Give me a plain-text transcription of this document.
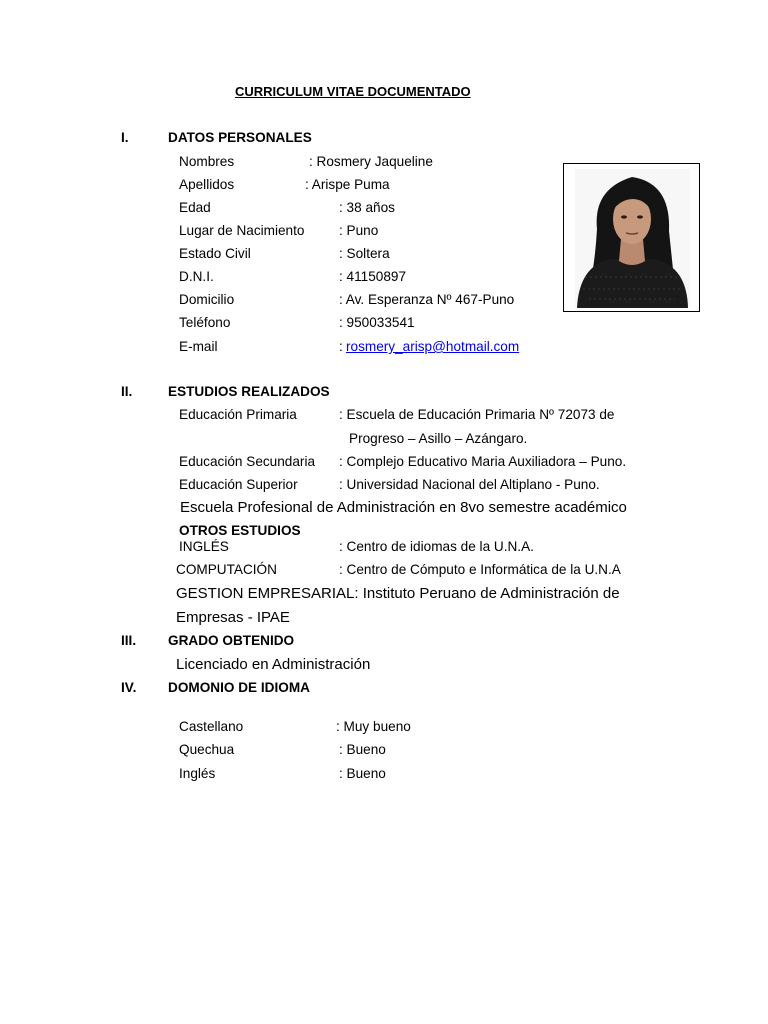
CURRICULUM VITAE DOCUMENTADO
I.	DATOS PERSONALES
Nombres	: Rosmery Jaqueline
Apellidos	: Arispe Puma
Edad	: 38 años
Lugar de Nacimiento	: Puno
Estado Civil	: Soltera
D.N.I.	: 41150897
Domicilio	: Av. Esperanza Nº 467-Puno
Teléfono	: 950033541
E-mail	: rosmery_arisp@hotmail.com
II.	ESTUDIOS REALIZADOS
Educación Primaria	: Escuela de Educación Primaria Nº 72073 de
Progreso – Asillo – Azángaro.
Educación Secundaria : Complejo Educativo Maria Auxiliadora – Puno.
Educación Superior	: Universidad Nacional del Altiplano - Puno.
Escuela Profesional de Administración en 8vo semestre académico
OTROS ESTUDIOS
INGLÉS	: Centro de idiomas de la U.N.A.
COMPUTACIÓN	: Centro de Cómputo e Informática de la U.N.A
GESTION EMPRESARIAL: Instituto Peruano de Administración de
Empresas - IPAE
III. GRADO OBTENIDO
Licenciado en Administración
IV. DOMONIO DE IDIOMA
Castellano	: Muy bueno
Quechua	: Bueno
Inglés	: Bueno
